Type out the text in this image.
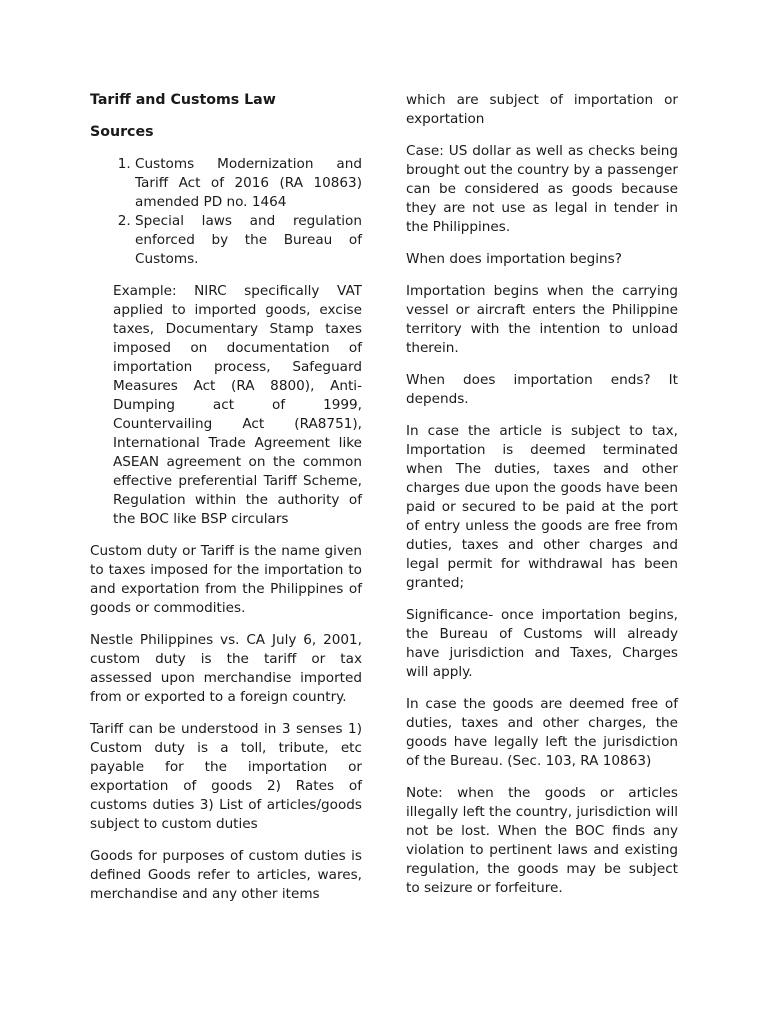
Tariff and Customs Law
Sources
1. Customs Modernization and Tariff Act of 2016 (RA 10863) amended PD no. 1464
2. Special laws and regulation enforced by the Bureau of Customs.

Example: NIRC specifically VAT applied to imported goods, excise taxes, Documentary Stamp taxes imposed on documentation of importation process, Safeguard Measures Act (RA 8800), Anti-Dumping act of 1999, Countervailing Act (RA8751), International Trade Agreement like ASEAN agreement on the common effective preferential Tariff Scheme, Regulation within the authority of the BOC like BSP circulars

Custom duty or Tariff is the name given to taxes imposed for the importation to and exportation from the Philippines of goods or commodities.

Nestle Philippines vs. CA July 6, 2001, custom duty is the tariff or tax assessed upon merchandise imported from or exported to a foreign country.

Tariff can be understood in 3 senses 1) Custom duty is a toll, tribute, etc payable for the importation or exportation of goods 2) Rates of customs duties 3) List of articles/goods subject to custom duties

Goods for purposes of custom duties is defined Goods refer to articles, wares, merchandise and any other items

which are subject of importation or exportation

Case: US dollar as well as checks being brought out the country by a passenger can be considered as goods because they are not use as legal in tender in the Philippines.

When does importation begins?

Importation begins when the carrying vessel or aircraft enters the Philippine territory with the intention to unload therein.

When does importation ends? It depends.

In case the article is subject to tax, Importation is deemed terminated when The duties, taxes and other charges due upon the goods have been paid or secured to be paid at the port of entry unless the goods are free from duties, taxes and other charges and legal permit for withdrawal has been granted;

Significance- once importation begins, the Bureau of Customs will already have jurisdiction and Taxes, Charges will apply.

In case the goods are deemed free of duties, taxes and other charges, the goods have legally left the jurisdiction of the Bureau. (Sec. 103, RA 10863)

Note: when the goods or articles illegally left the country, jurisdiction will not be lost. When the BOC finds any violation to pertinent laws and existing regulation, the goods may be subject to seizure or forfeiture.
